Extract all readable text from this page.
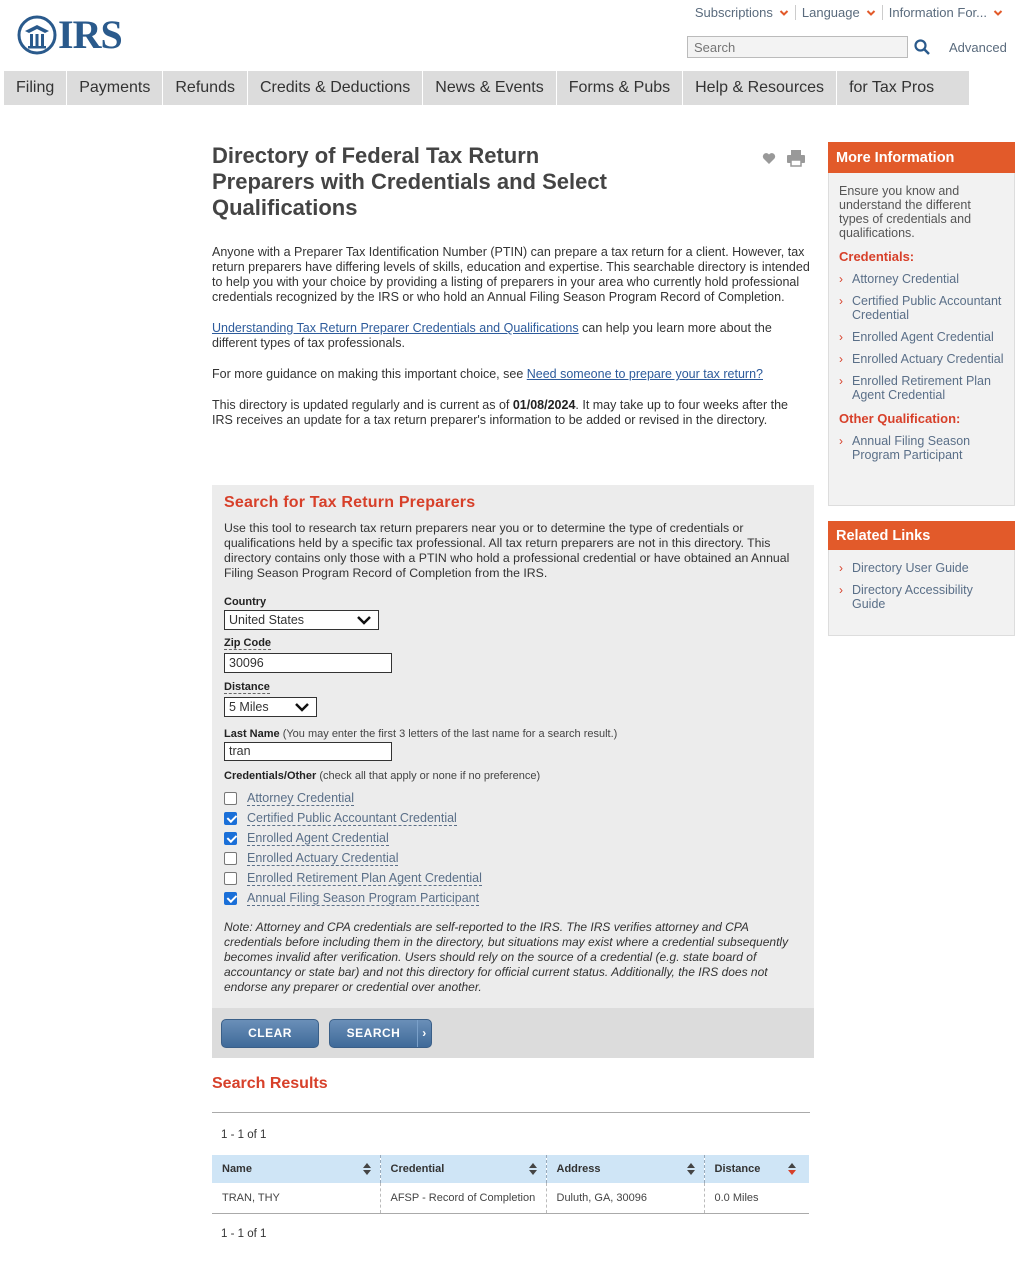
IRS	Subscriptions Language Information For...
Search
Advanced
Filing	Payments	Refunds	Credits & Deductions	News & Events	Forms & Pubs	Help & Resources	for Tax Pros
Directory of Federal Tax Return Preparers with Credentials and Select Qualifications

Anyone with a Preparer Tax Identification Number (PTIN) can prepare a tax return for a client. However, tax return preparers have differing levels of skills, education and expertise. This searchable directory is intended to help you with your choice by providing a listing of preparers in your area who currently hold professional credentials recognized by the IRS or who hold an Annual Filing Season Program Record of Completion.

Understanding Tax Return Preparer Credentials and Qualifications can help you learn more about the different types of tax professionals.

For more guidance on making this important choice, see Need someone to prepare your tax return?

This directory is updated regularly and is current as of 01/08/2024. It may take up to four weeks after the IRS receives an update for a tax return preparer's information to be added or revised in the directory.

Search for Tax Return Preparers
Use this tool to research tax return preparers near you or to determine the type of credentials or qualifications held by a specific tax professional. All tax return preparers are not in this directory. This directory contains only those with a PTIN who hold a professional credential or have obtained an Annual Filing Season Program Record of Completion from the IRS.
Country
United States
Zip Code
30096
Distance
5 Miles
Last Name (You may enter the first 3 letters of the last name for a search result.)
tran
Credentials/Other (check all that apply or none if no preference)
Attorney Credential
Certified Public Accountant Credential
Enrolled Agent Credential
Enrolled Actuary Credential
Enrolled Retirement Plan Agent Credential
Annual Filing Season Program Participant
Note: Attorney and CPA credentials are self-reported to the IRS. The IRS verifies attorney and CPA credentials before including them in the directory, but situations may exist where a credential subsequently becomes invalid after verification. Users should rely on the source of a credential (e.g. state board of accountancy or state bar) and not this directory for official current status. Additionally, the IRS does not endorse any preparer or credential over another.
CLEAR	SEARCH	›
Search Results
1 - 1 of 1
Name	Credential	Address	Distance

TRAN, THY	AFSP - Record of Completion	Duluth, GA, 30096	0.0 Miles
1 - 1 of 1
More Information
Ensure you know and understand the different types of credentials and qualifications.
Credentials:
› Attorney Credential
› Certified Public Accountant Credential
› Enrolled Agent Credential
› Enrolled Actuary Credential
› Enrolled Retirement Plan Agent Credential
Other Qualification:
› Annual Filing Season Program Participant
Related Links
› Directory User Guide
› Directory Accessibility Guide
